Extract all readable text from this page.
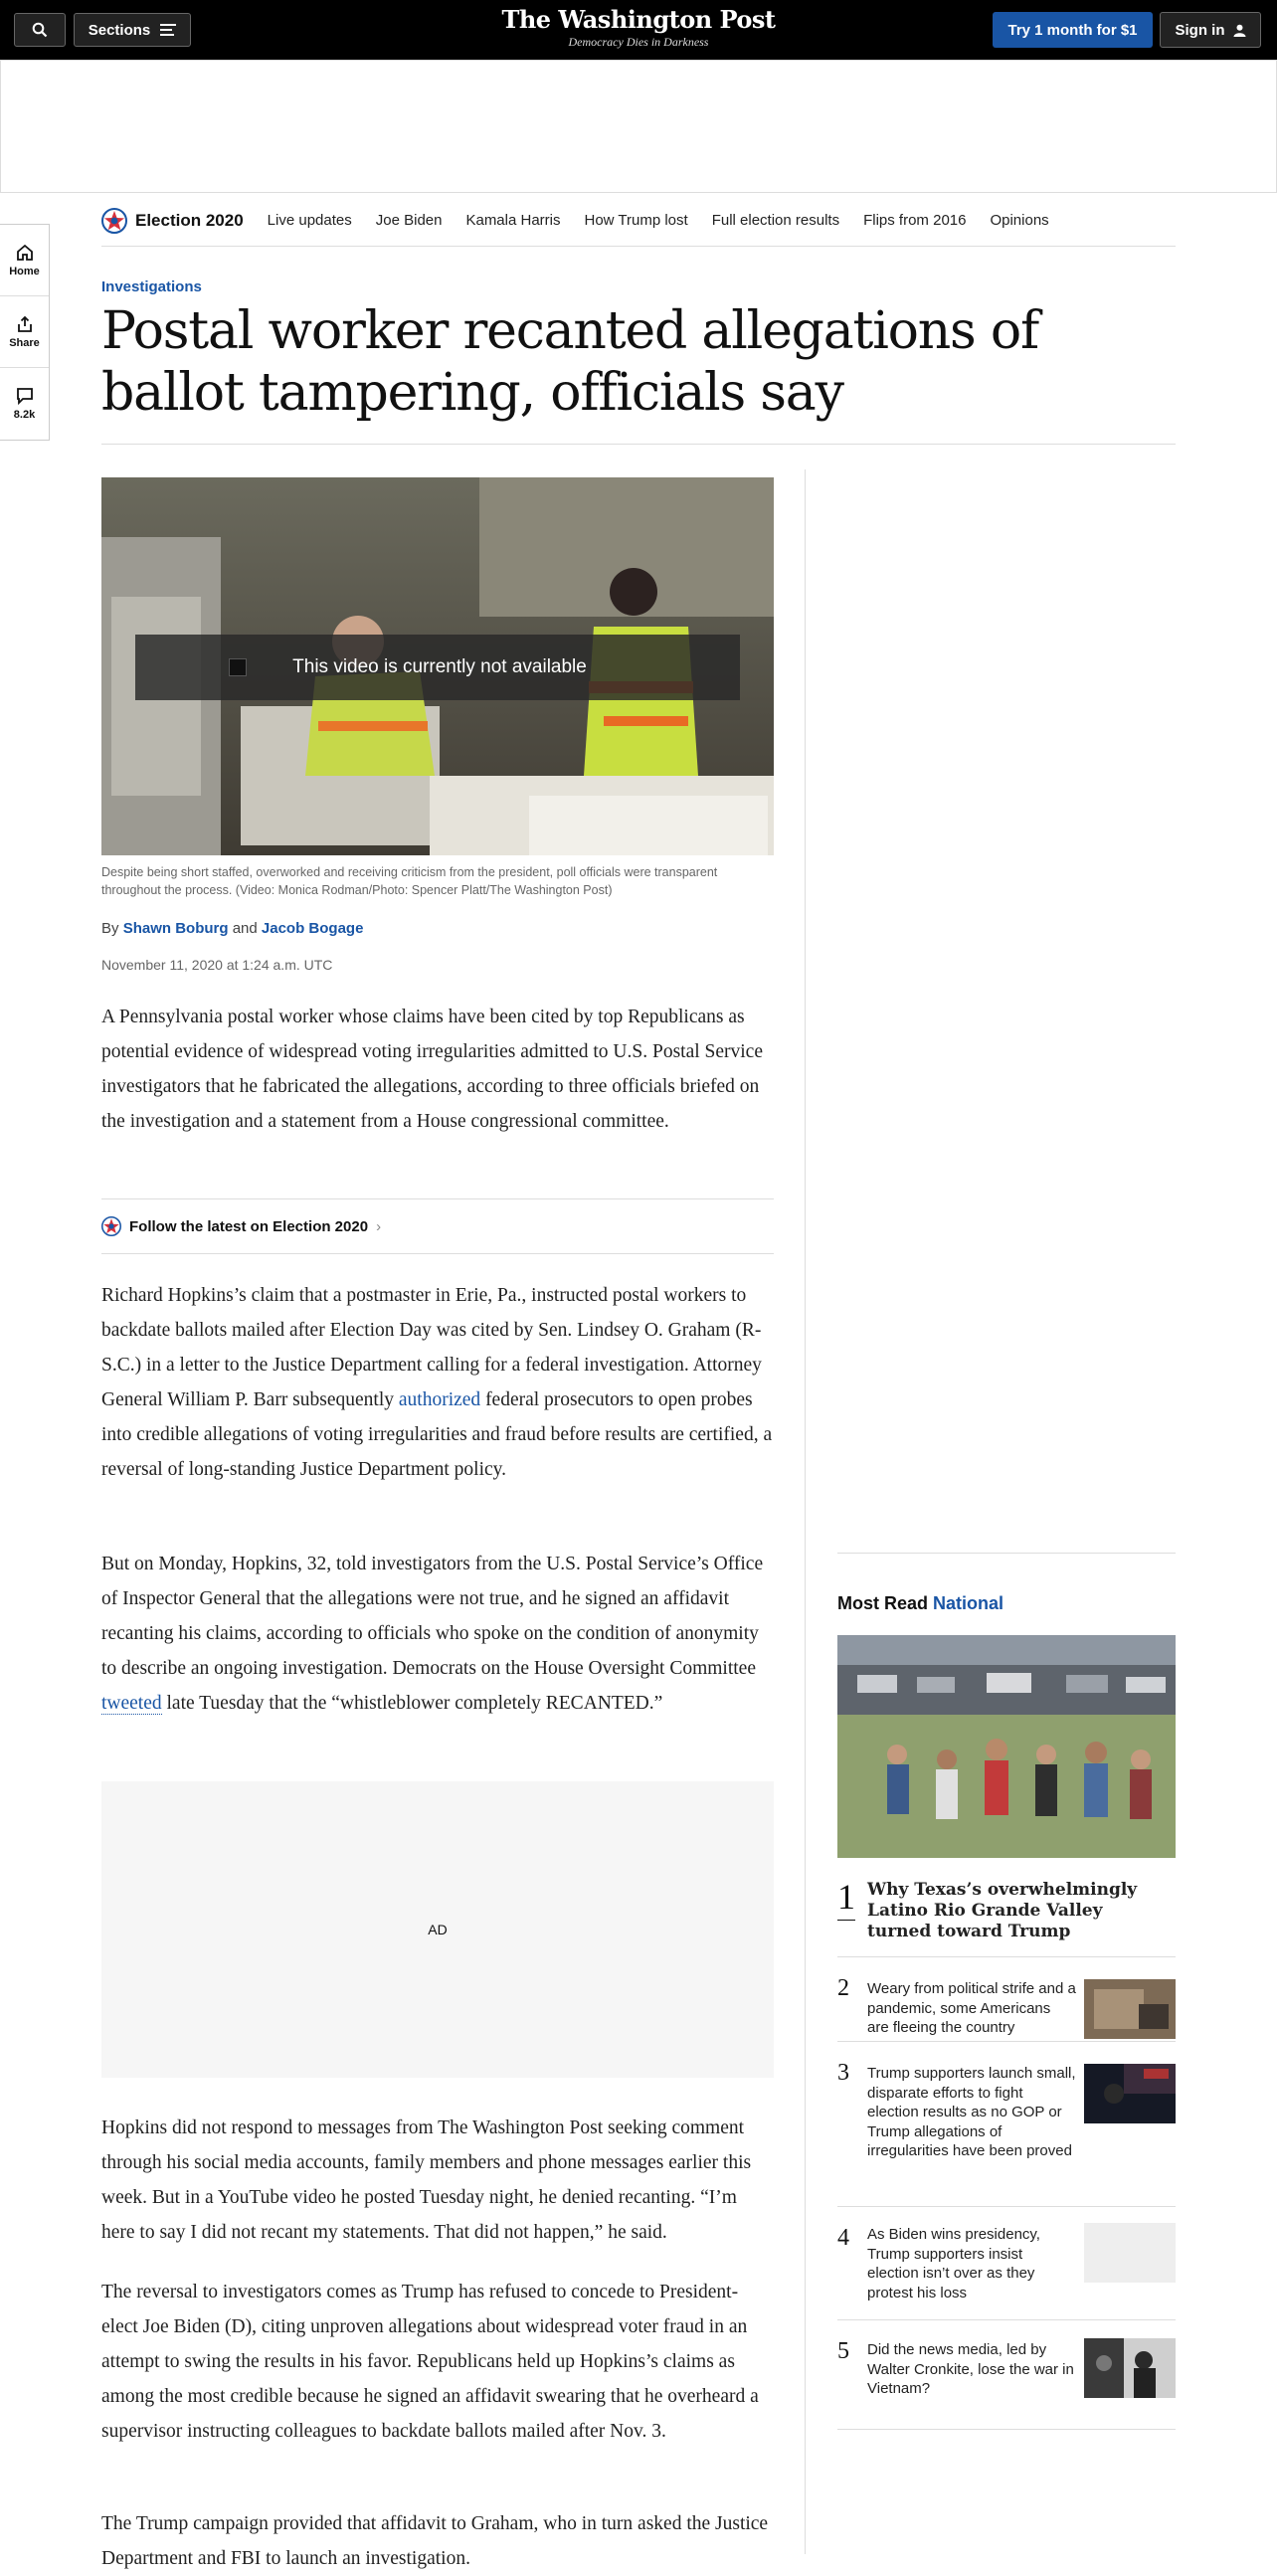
Sections	The Washington Post
Democracy Dies in Darkness
Try 1 month for $1	Sign in
Election 2020 Live updates Joe Biden Kamala Harris How Trump lost Full election results Flips from 2016 Opinions
Home
Share
8.2k
Investigations
Postal worker recanted allegations of ballot tampering, officials say
This video is currently not available
Despite being short staffed, overworked and receiving criticism from the president, poll officials were transparent throughout the process. (Video: Monica Rodman/Photo: Spencer Platt/The Washington Post)
By Shawn Boburg and Jacob Bogage
November 11, 2020 at 1:24 a.m. UTC

A Pennsylvania postal worker whose claims have been cited by top Republicans as potential evidence of widespread voting irregularities admitted to U.S. Postal Service investigators that he fabricated the allegations, according to three officials briefed on the investigation and a statement from a House congressional committee.

Follow the latest on Election 2020 ›

Richard Hopkins’s claim that a postmaster in Erie, Pa., instructed postal workers to backdate ballots mailed after Election Day was cited by Sen. Lindsey O. Graham (R-S.C.) in a letter to the Justice Department calling for a federal investigation. Attorney General William P. Barr subsequently authorized federal prosecutors to open probes into credible allegations of voting irregularities and fraud before results are certified, a reversal of long-standing Justice Department policy.

But on Monday, Hopkins, 32, told investigators from the U.S. Postal Service’s Office of Inspector General that the allegations were not true, and he signed an affidavit recanting his claims, according to officials who spoke on the condition of anonymity to describe an ongoing investigation. Democrats on the House Oversight Committee tweeted late Tuesday that the “whistleblower completely RECANTED.”

AD

Hopkins did not respond to messages from The Washington Post seeking comment through his social media accounts, family members and phone messages earlier this week. But in a YouTube video he posted Tuesday night, he denied recanting. “I’m here to say I did not recant my statements. That did not happen,” he said.

The reversal to investigators comes as Trump has refused to concede to President-elect Joe Biden (D), citing unproven allegations about widespread voter fraud in an attempt to swing the results in his favor. Republicans held up Hopkins’s claims as among the most credible because he signed an affidavit swearing that he overheard a supervisor instructing colleagues to backdate ballots mailed after Nov. 3.

The Trump campaign provided that affidavit to Graham, who in turn asked the Justice Department and FBI to launch an investigation.

Most Read National
1 Why Texas’s overwhelmingly Latino Rio Grande Valley turned toward Trump
2 Weary from political strife and a pandemic, some Americans are fleeing the country
3 Trump supporters launch small, disparate efforts to fight election results as no GOP or Trump allegations of irregularities have been proved
4 As Biden wins presidency, Trump supporters insist election isn’t over as they protest his loss
5 Did the news media, led by Walter Cronkite, lose the war in Vietnam?
